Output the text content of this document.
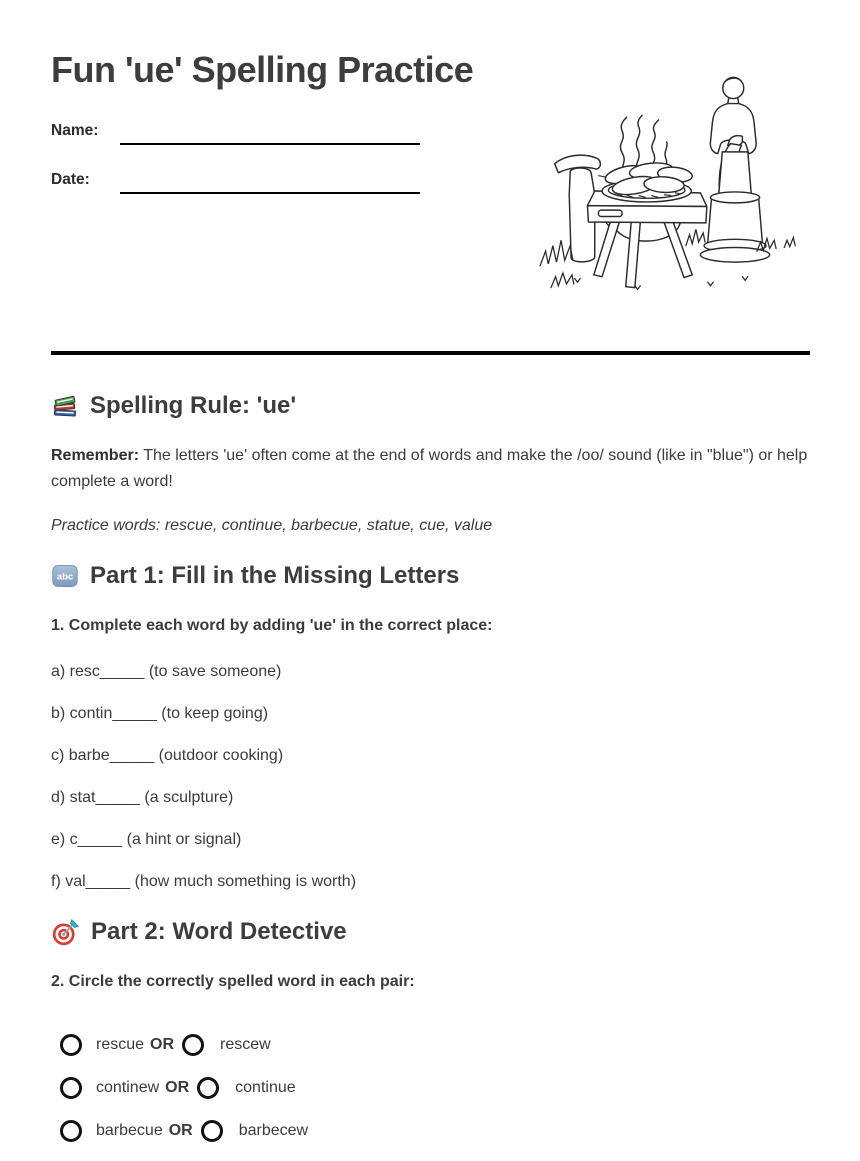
Fun 'ue' Spelling Practice
Name:
Date:
Spelling Rule: 'ue'

Remember: The letters 'ue' often come at the end of words and make the /oo/ sound (like in "blue") or help complete a word!

Practice words: rescue, continue, barbecue, statue, cue, value

abc Part 1: Fill in the Missing Letters

1. Complete each word by adding 'ue' in the correct place:

a) resc_____ (to save someone)

b) contin_____ (to keep going)

c) barbe_____ (outdoor cooking)

d) stat_____ (a sculpture)

e) c_____ (a hint or signal)

f) val_____ (how much something is worth)

Part 2: Word Detective

2. Circle the correctly spelled word in each pair:

rescue OR	rescew
continew OR	continue
barbecue OR	barbecew
